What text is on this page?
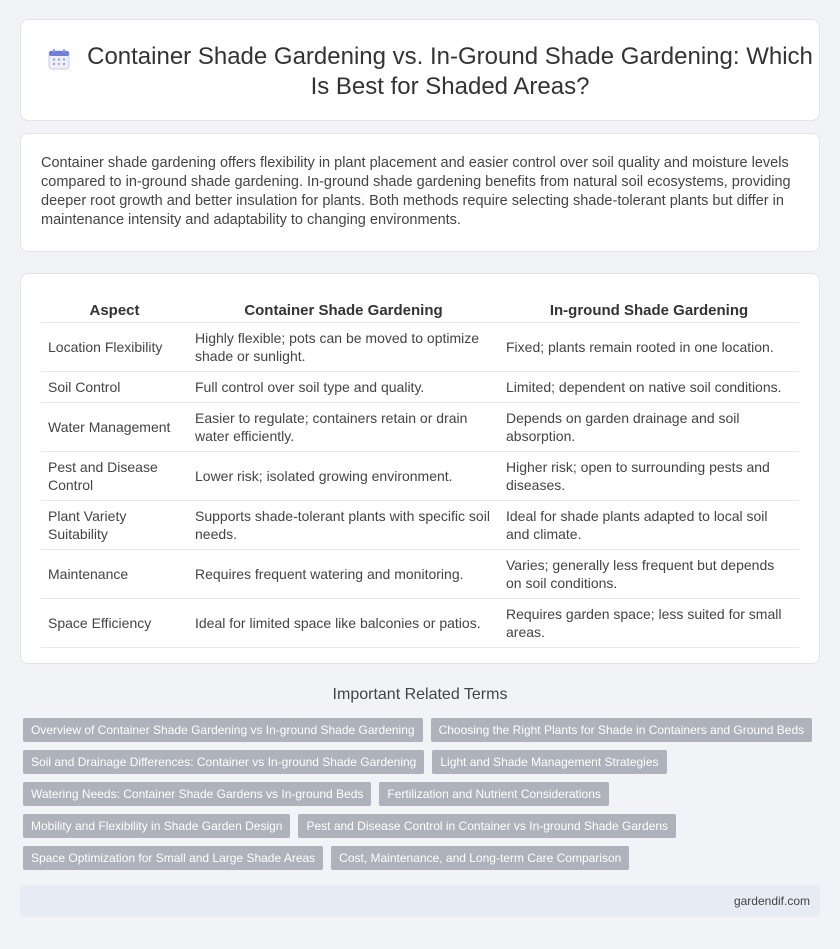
Container Shade Gardening vs. In-Ground Shade Gardening: Which Is Best for Shaded Areas?

Container shade gardening offers flexibility in plant placement and easier control over soil quality and moisture levels compared to in-ground shade gardening. In-ground shade gardening benefits from natural soil ecosystems, providing deeper root growth and better insulation for plants. Both methods require selecting shade-tolerant plants but differ in maintenance intensity and adaptability to changing environments.

Aspect	Container Shade Gardening	In-ground Shade Gardening
Location Flexibility	Highly flexible; pots can be moved to optimize shade or sunlight.	Fixed; plants remain rooted in one location.
Soil Control	Full control over soil type and quality.	Limited; dependent on native soil conditions.
Water Management	Easier to regulate; containers retain or drain water efficiently.	Depends on garden drainage and soil absorption.
Pest and Disease Control	Lower risk; isolated growing environment.	Higher risk; open to surrounding pests and diseases.
Plant Variety Suitability	Supports shade-tolerant plants with specific soil needs.	Ideal for shade plants adapted to local soil and climate.
Maintenance	Requires frequent watering and monitoring.	Varies; generally less frequent but depends on soil conditions.
Space Efficiency	Ideal for limited space like balconies or patios.	Requires garden space; less suited for small areas.
Important Related Terms
Overview of Container Shade Gardening vs In-ground Shade Gardening	Choosing the Right Plants for Shade in Containers and Ground Beds
Soil and Drainage Differences: Container vs In-ground Shade Gardening	Light and Shade Management Strategies
Watering Needs: Container Shade Gardens vs In-ground Beds	Fertilization and Nutrient Considerations
Mobility and Flexibility in Shade Garden Design	Pest and Disease Control in Container vs In-ground Shade Gardens
Space Optimization for Small and Large Shade Areas	Cost, Maintenance, and Long-term Care Comparison
gardendif.com
